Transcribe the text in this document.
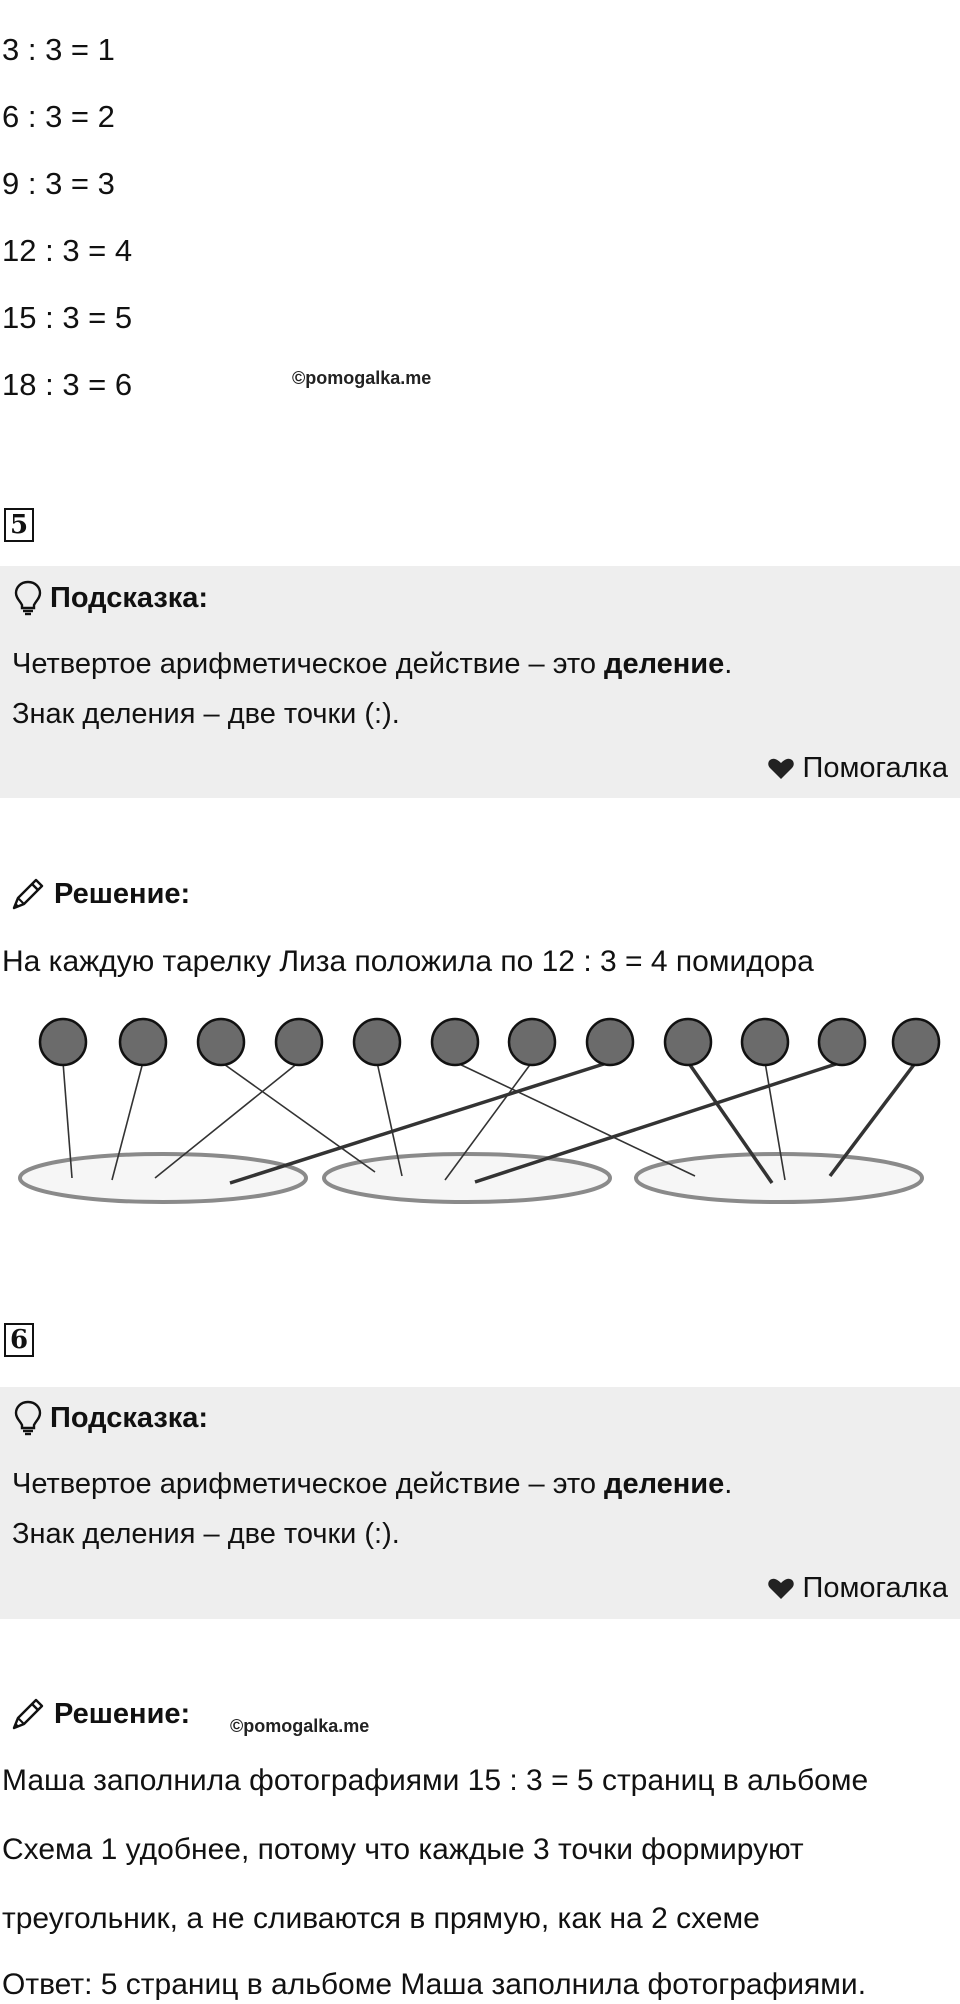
3 : 3 = 1
6 : 3 = 2
9 : 3 = 3
12 : 3 = 4
15 : 3 = 5
18 : 3 = 6	©pomogalka.me
5
Подсказка:
Четвертое арифметическое действие – это деление.
Знак деления – две точки (:).
Помогалка
Решение:
На каждую тарелку Лиза положила по 12 : 3 = 4 помидора
6
Подсказка:
Четвертое арифметическое действие – это деление.
Знак деления – две точки (:).
Помогалка
Решение: ©pomogalka.me
Маша заполнила фотографиями 15 : 3 = 5 страниц в альбоме
Схема 1 удобнее, потому что каждые 3 точки формируют
треугольник, а не сливаются в прямую, как на 2 схеме
Ответ: 5 страниц в альбоме Маша заполнила фотографиями.
